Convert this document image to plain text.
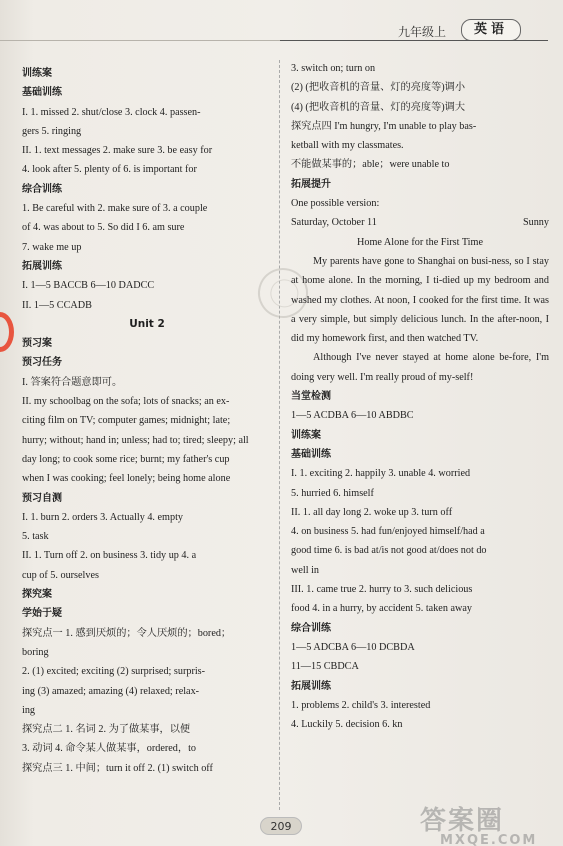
九年级上	英语
训练案
基础训练
I. 1. missed 2. shut/close 3. clock 4. passen-
gers 5. ringing
II. 1. text messages 2. make sure 3. be easy for
4. look after 5. plenty of 6. is important for
综合训练
1. Be careful with 2. make sure of 3. a couple
of 4. was about to 5. So did I 6. am sure
7. wake me up
拓展训练
I. 1—5 BACCB 6—10 DADCC
II. 1—5 CCADB
Unit 2
预习案
预习任务
I. 答案符合题意即可。
II. my schoolbag on the sofa; lots of snacks; an ex-
citing film on TV; computer games; midnight; late;
hurry; without; hand in; unless; had to; tired; sleepy; all
day long; to cook some rice; burnt; my father's cup
when I was cooking; feel lonely; being home alone
预习自测
I. 1. burn 2. orders 3. Actually 4. empty
5. task
II. 1. Turn off 2. on business 3. tidy up 4. a
cup of 5. ourselves
探究案
学始于疑
探究点一 1. 感到厌烦的；令人厌烦的；bored；
boring
2. (1) excited; exciting (2) surprised; surpris-
ing (3) amazed; amazing (4) relaxed; relax-
ing
探究点二 1. 名词 2. 为了做某事，以便
3. 动词 4. 命令某人做某事，ordered，to
探究点三 1. 中间；turn it off 2. (1) switch off
3. switch on; turn on
(2) (把收音机的音量、灯的亮度等)调小
(4) (把收音机的音量、灯的亮度等)调大
探究点四 I'm hungry, I'm unable to play bas-
ketball with my classmates.
不能做某事的；able；were unable to
拓展提升
One possible version:
Saturday, October 11	Sunny
Home Alone for the First Time
My parents have gone to Shanghai on busi-ness, so I stay at home alone. In the morning, I ti-died up my bedroom and washed my clothes. At noon, I cooked for the first time. It was a very simple, but simply delicious lunch. In the after-noon, I did my homework first, and then watched TV.
Although I've never stayed at home alone be-fore, I'm doing very well. I'm really proud of my-self!
当堂检测
1—5 ACDBA 6—10 ABDBC
训练案
基础训练
I. 1. exciting 2. happily 3. unable 4. worried
5. hurried 6. himself
II. 1. all day long 2. woke up 3. turn off
4. on business 5. had fun/enjoyed himself/had a
good time 6. is bad at/is not good at/does not do
well in
III. 1. came true 2. hurry to 3. such delicious
food 4. in a hurry, by accident 5. taken away
综合训练
1—5 ADCBA 6—10 DCBDA
11—15 CBDCA
拓展训练
1. problems 2. child's 3. interested
4. Luckily 5. decision 6. kn
209	答案圈
MXQE.COM
